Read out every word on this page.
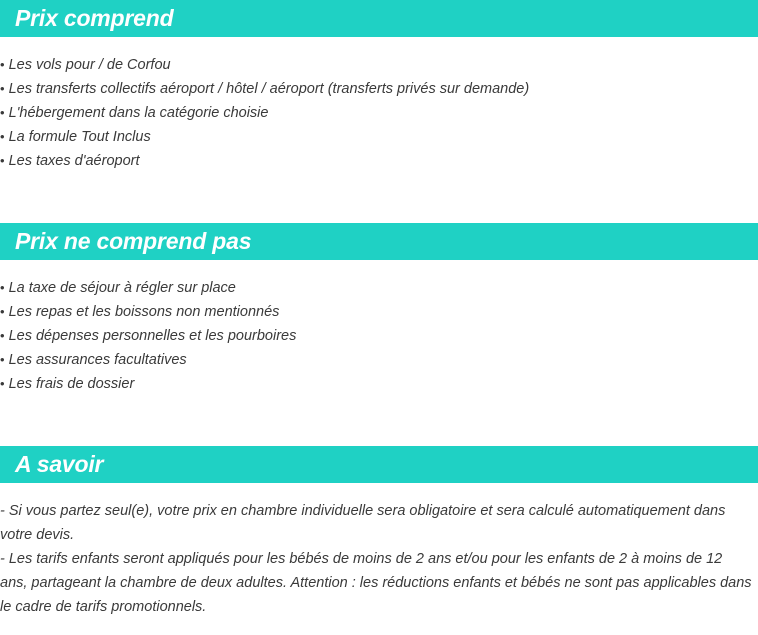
Prix comprend
• Les vols pour / de Corfou
• Les transferts collectifs aéroport / hôtel / aéroport (transferts privés sur demande)
• L'hébergement dans la catégorie choisie
• La formule Tout Inclus
• Les taxes d'aéroport
Prix ne comprend pas
• La taxe de séjour à régler sur place
• Les repas et les boissons non mentionnés
• Les dépenses personnelles et les pourboires
• Les assurances facultatives
• Les frais de dossier
A savoir

- Si vous partez seul(e), votre prix en chambre individuelle sera obligatoire et sera calculé automatiquement dans votre devis.

- Les tarifs enfants seront appliqués pour les bébés de moins de 2 ans et/ou pour les enfants de 2 à moins de 12 ans, partageant la chambre de deux adultes. Attention : les réductions enfants et bébés ne sont pas applicables dans le cadre de tarifs promotionnels.
